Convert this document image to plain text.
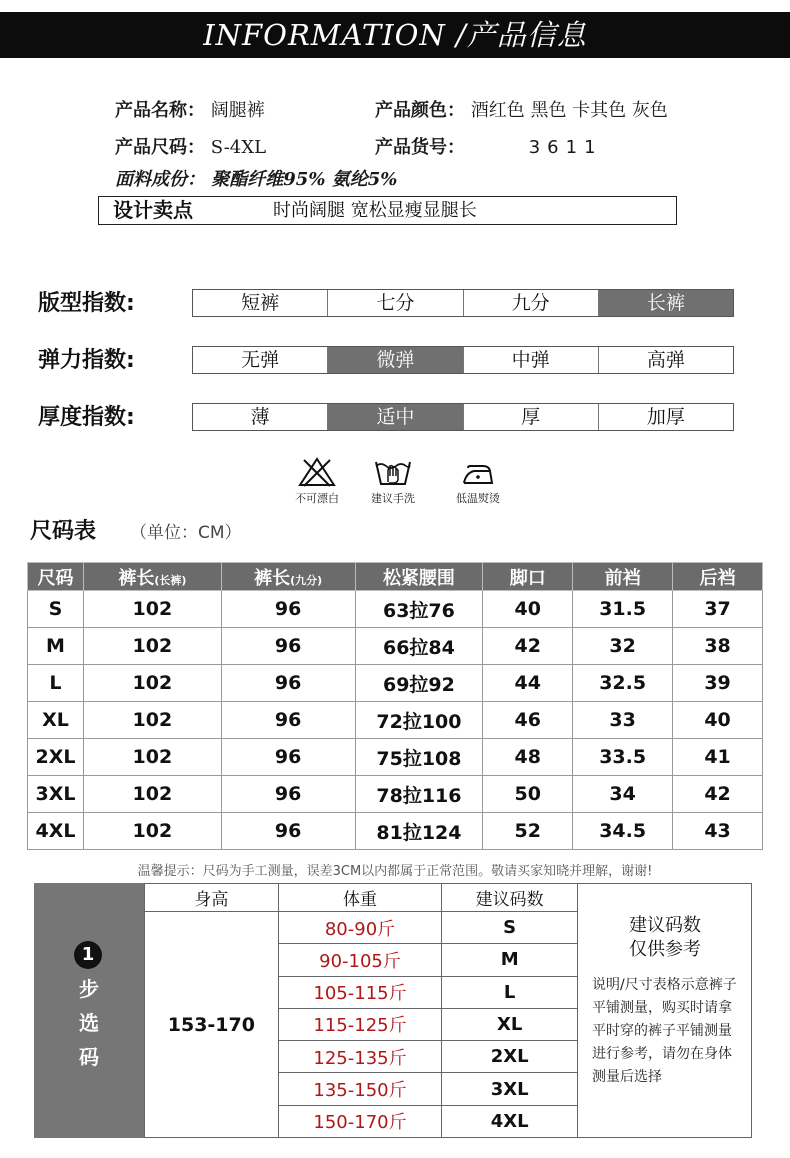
INFORMATION /产品信息
产品名称： 阔腿裤	产品颜色： 酒红色 黑色 卡其色 灰色
产品尺码： S-4XL	产品货号：	3611
面料成份： 聚酯纤维95% 氨纶5%
设计卖点	时尚阔腿 宽松显瘦显腿长
版型指数:	短裤	七分	九分	长裤
弹力指数:	无弹	微弹	中弹	高弹
厚度指数:	薄	适中	厚	加厚
不可漂白	建议手洗	低温熨烫
尺码表 （单位：CM）
尺码	裤长(长裤)	裤长(九分)	松紧腰围	脚口	前裆	后裆
S	102	96	63拉76	40	31.5	37
M	102	96	66拉84	42	32	38
L	102	96	69拉92	44	32.5	39
XL	102	96	72拉100	46	33	40
2XL	102	96	75拉108	48	33.5	41
3XL	102	96	78拉116	50	34	42
4XL	102	96	81拉124	52	34.5	43
温馨提示：尺码为手工测量，误差3CM以内都属于正常范围。敬请买家知晓并理解，谢谢!
1
步
选
码
身高	体重	建议码数
153-170	80-90斤	S
	90-105斤	M
	105-115斤	L
	115-125斤	XL
	125-135斤	2XL
	135-150斤	3XL
	150-170斤	4XL
建议码数
仅供参考
说明/尺寸表格示意裤子平铺测量，购买时请拿平时穿的裤子平铺测量进行参考，请勿在身体测量后选择
